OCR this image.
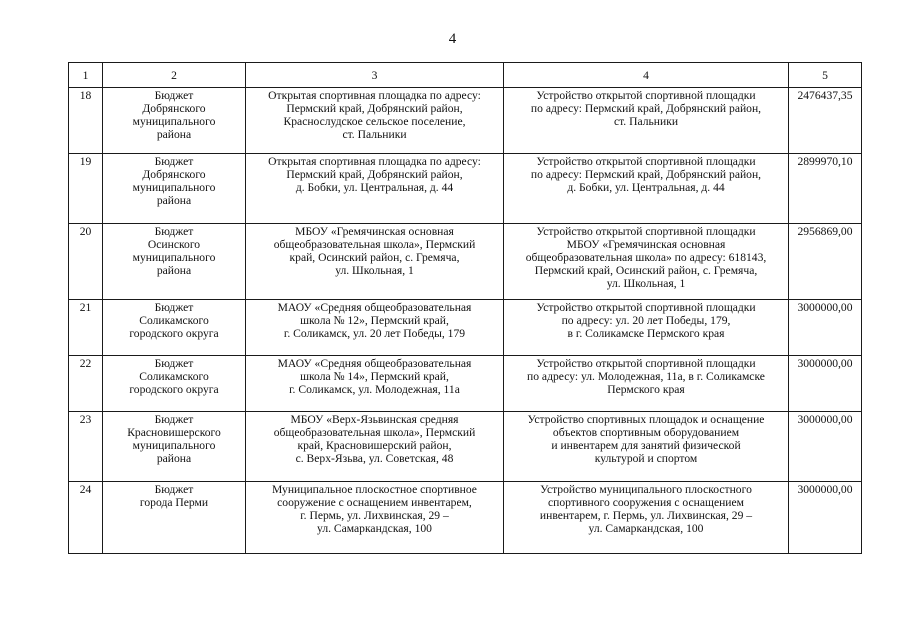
4
1	2	3	4	5

18	Бюджет
Добрянского
муниципального
района	Открытая спортивная площадка по адресу:
Пермский край, Добрянский район,
Краснослудское сельское поселение,
ст. Пальники	Устройство открытой спортивной площадки
по адресу: Пермский край, Добрянский район,
ст. Пальники	2476437,35

19	Бюджет
Добрянского
муниципального
района	Открытая спортивная площадка по адресу:
Пермский край, Добрянский район,
д. Бобки, ул. Центральная, д. 44	Устройство открытой спортивной площадки
по адресу: Пермский край, Добрянский район,
д. Бобки, ул. Центральная, д. 44	2899970,10

20	Бюджет
Осинского
муниципального
района	МБОУ «Гремячинская основная
общеобразовательная школа», Пермский
край, Осинский район, с. Гремяча,
ул. Школьная, 1	Устройство открытой спортивной площадки
МБОУ «Гремячинская основная
общеобразовательная школа» по адресу: 618143,
Пермский край, Осинский район, с. Гремяча,
ул. Школьная, 1	2956869,00

21	Бюджет
Соликамского
городского округа	МАОУ «Средняя общеобразовательная
школа № 12», Пермский край,
г. Соликамск, ул. 20 лет Победы, 179	Устройство открытой спортивной площадки
по адресу: ул. 20 лет Победы, 179,
в г. Соликамске Пермского края	3000000,00

22	Бюджет
Соликамского
городского округа	МАОУ «Средняя общеобразовательная
школа № 14», Пермский край,
г. Соликамск, ул. Молодежная, 11а	Устройство открытой спортивной площадки
по адресу: ул. Молодежная, 11а, в г. Соликамске
Пермского края	3000000,00

23	Бюджет
Красновишерского
муниципального
района	МБОУ «Верх-Язьвинская средняя
общеобразовательная школа», Пермский
край, Красновишерский район,
с. Верх-Язьва, ул. Советская, 48	Устройство спортивных площадок и оснащение
объектов спортивным оборудованием
и инвентарем для занятий физической
культурой и спортом	3000000,00

24	Бюджет
города Перми	Муниципальное плоскостное спортивное
сооружение с оснащением инвентарем,
г. Пермь, ул. Лихвинская, 29 –
ул. Самаркандская, 100	Устройство муниципального плоскостного
спортивного сооружения с оснащением
инвентарем, г. Пермь, ул. Лихвинская, 29 –
ул. Самаркандская, 100	3000000,00
